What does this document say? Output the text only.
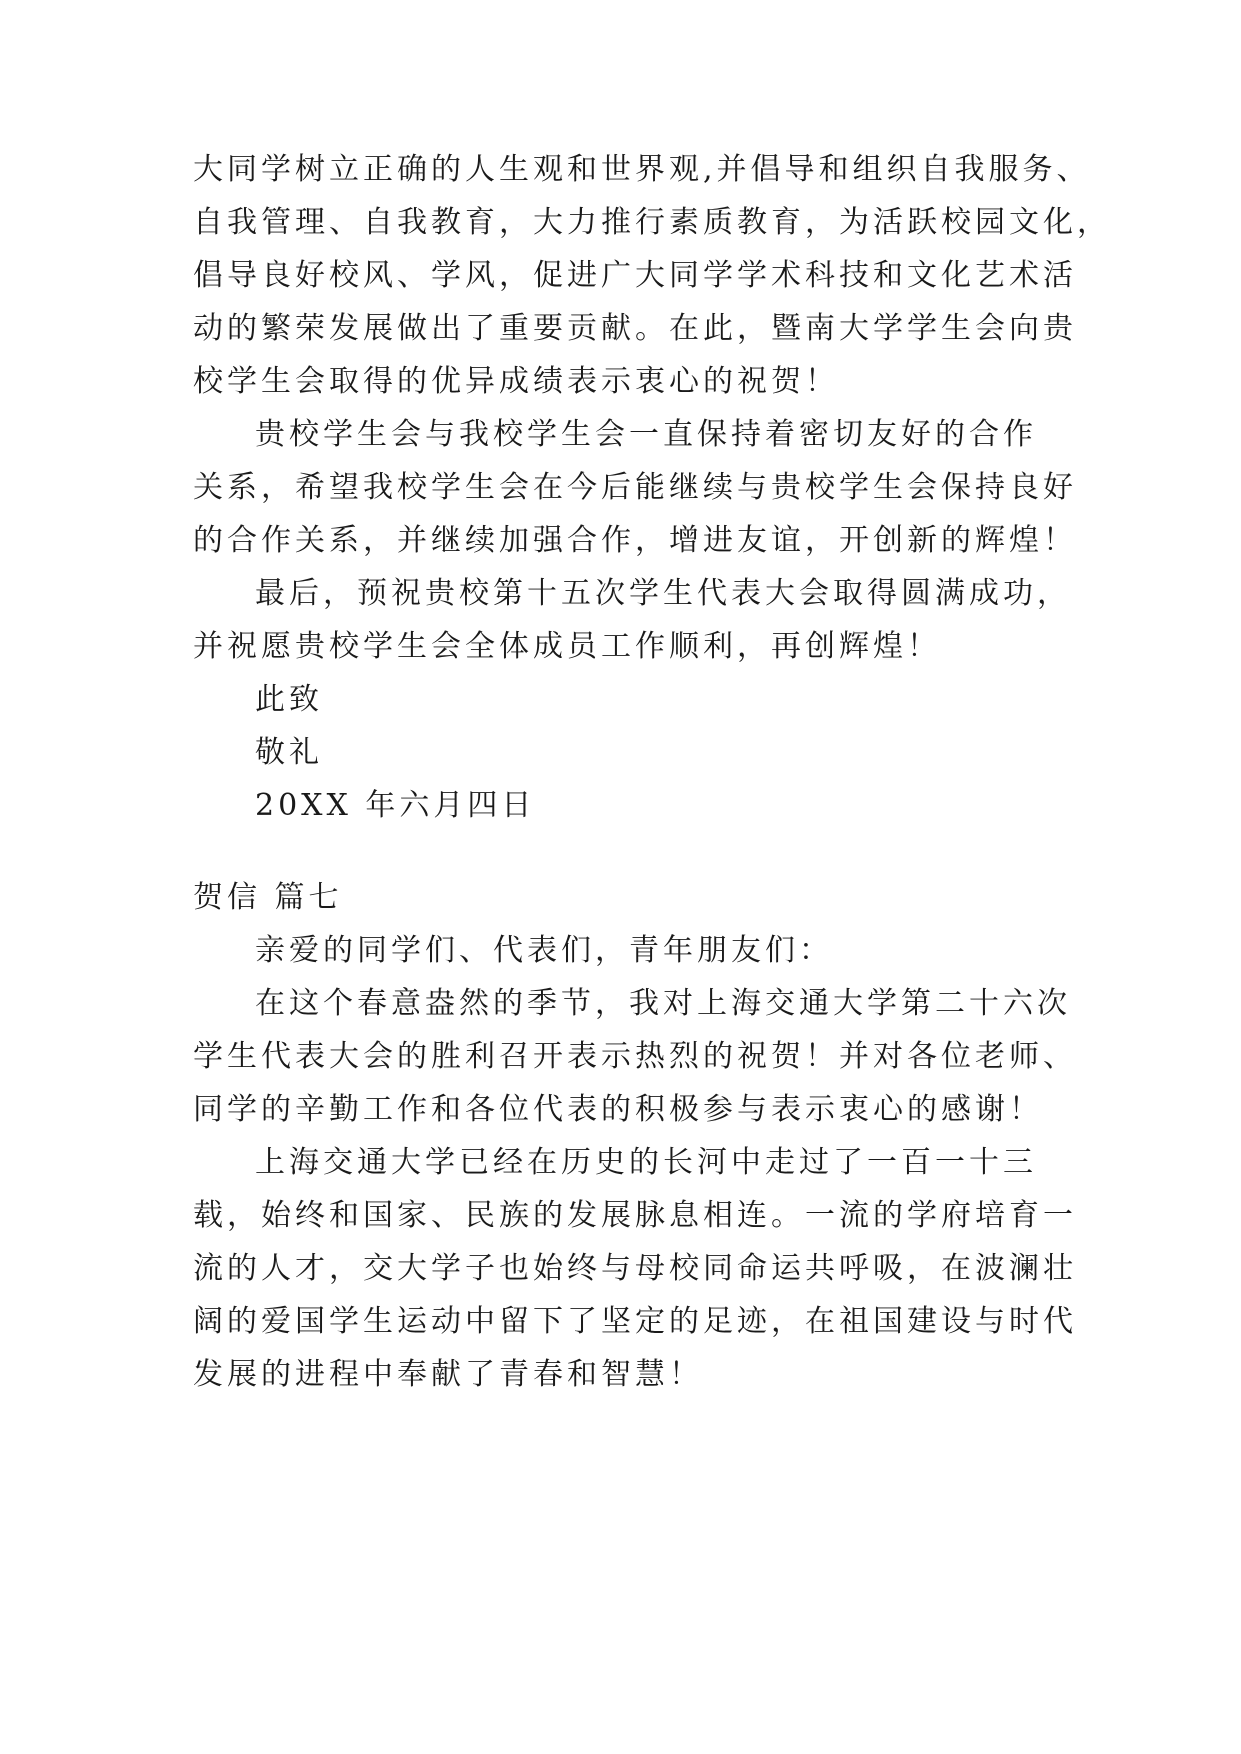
大同学树立正确的人生观和世界观,并倡导和组织自我服务、
自我管理、自我教育，大力推行素质教育，为活跃校园文化，
倡导良好校风、学风，促进广大同学学术科技和文化艺术活
动的繁荣发展做出了重要贡献。在此，暨南大学学生会向贵
校学生会取得的优异成绩表示衷心的祝贺！
贵校学生会与我校学生会一直保持着密切友好的合作
关系，希望我校学生会在今后能继续与贵校学生会保持良好
的合作关系，并继续加强合作，增进友谊，开创新的辉煌！
最后，预祝贵校第十五次学生代表大会取得圆满成功，
并祝愿贵校学生会全体成员工作顺利，再创辉煌！
此致
敬礼
20XX 年六月四日
贺信 篇七
亲爱的同学们、代表们，青年朋友们：
在这个春意盎然的季节，我对上海交通大学第二十六次
学生代表大会的胜利召开表示热烈的祝贺！并对各位老师、
同学的辛勤工作和各位代表的积极参与表示衷心的感谢！
上海交通大学已经在历史的长河中走过了一百一十三
载，始终和国家、民族的发展脉息相连。一流的学府培育一
流的人才，交大学子也始终与母校同命运共呼吸，在波澜壮
阔的爱国学生运动中留下了坚定的足迹，在祖国建设与时代
发展的进程中奉献了青春和智慧！
